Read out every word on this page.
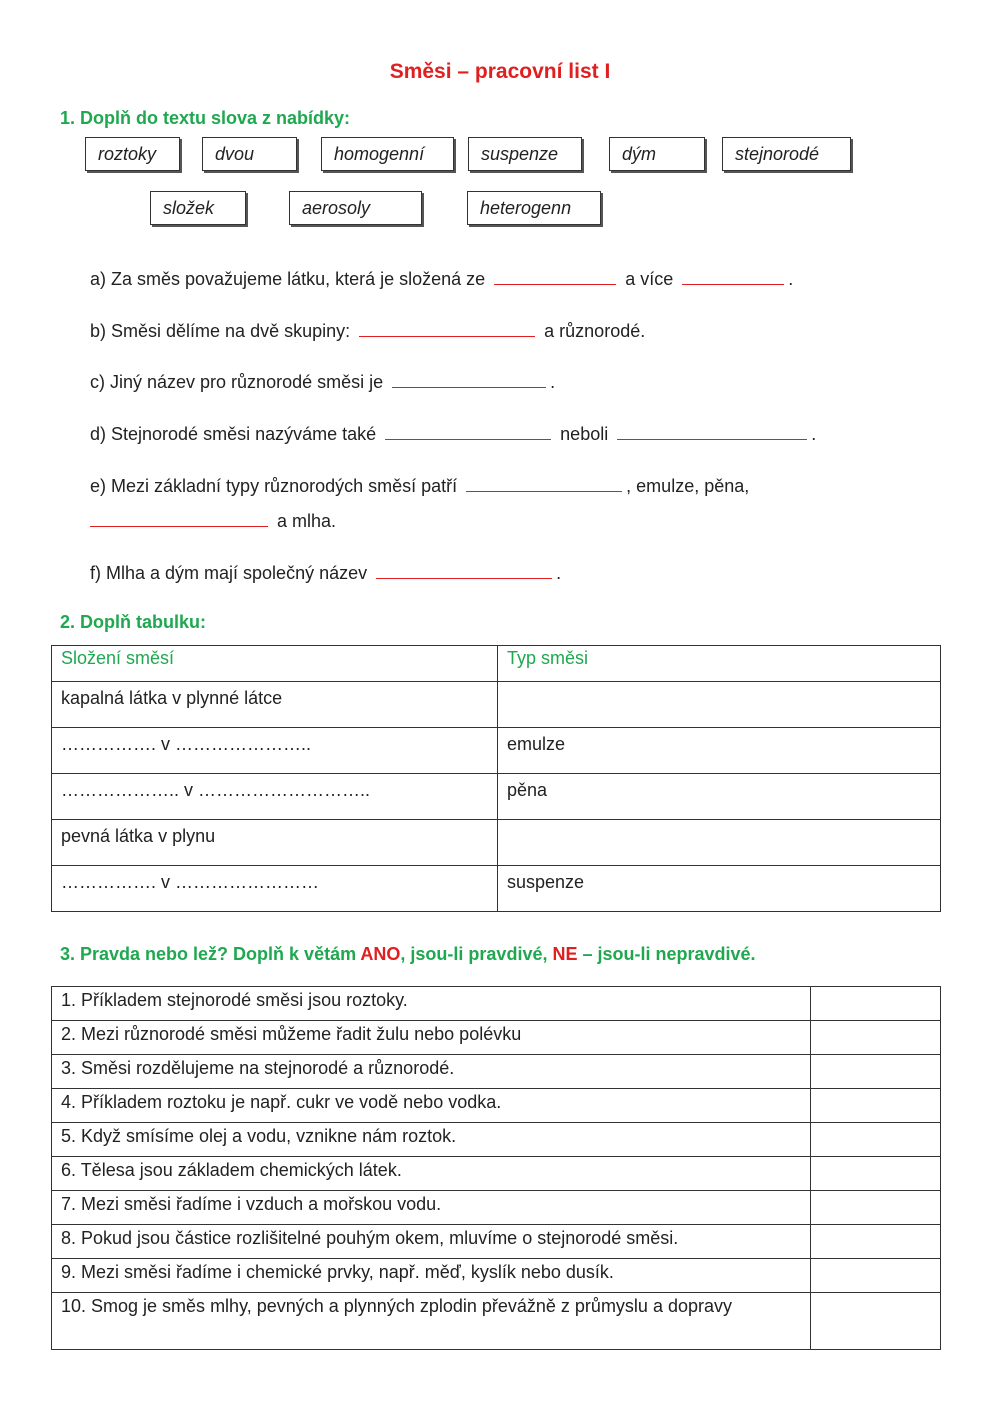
Směsi – pracovní list I
1. Doplň do textu slova z nabídky:
roztoky	dvou	homogenní	suspenze	dým	stejnorodé
složek	aerosoly	heterogenn
a) Za směs považujeme látku, která je složená ze	a více	.
b) Směsi dělíme na dvě skupiny:	a různorodé.
c) Jiný název pro různorodé směsi je	.
d) Stejnorodé směsi nazýváme také	neboli	.
e) Mezi základní typy různorodých směsí patří	, emulze, pěna,
a mlha.
f) Mlha a dým mají společný název	.
2. Doplň tabulku:
Složení směsí	Typ směsi
kapalná látka v plynné látce	
……………. v …………………..	emulze
……………….. v ………………………..	pěna
pevná látka v plynu	
……………. v ……………………	suspenze
3. Pravda nebo lež? Doplň k větám ANO, jsou-li pravdivé, NE – jsou-li nepravdivé.
1. Příkladem stejnorodé směsi jsou roztoky.	
2. Mezi různorodé směsi můžeme řadit žulu nebo polévku	
3. Směsi rozdělujeme na stejnorodé a různorodé.	
4. Příkladem roztoku je např. cukr ve vodě nebo vodka.	
5. Když smísíme olej a vodu, vznikne nám roztok.	
6. Tělesa jsou základem chemických látek.	
7. Mezi směsi řadíme i vzduch a mořskou vodu.	
8. Pokud jsou částice rozlišitelné pouhým okem, mluvíme o stejnorodé směsi.	
9. Mezi směsi řadíme i chemické prvky, např. měď, kyslík nebo dusík.	
10. Smog je směs mlhy, pevných a plynných zplodin převážně z průmyslu a dopravy	
